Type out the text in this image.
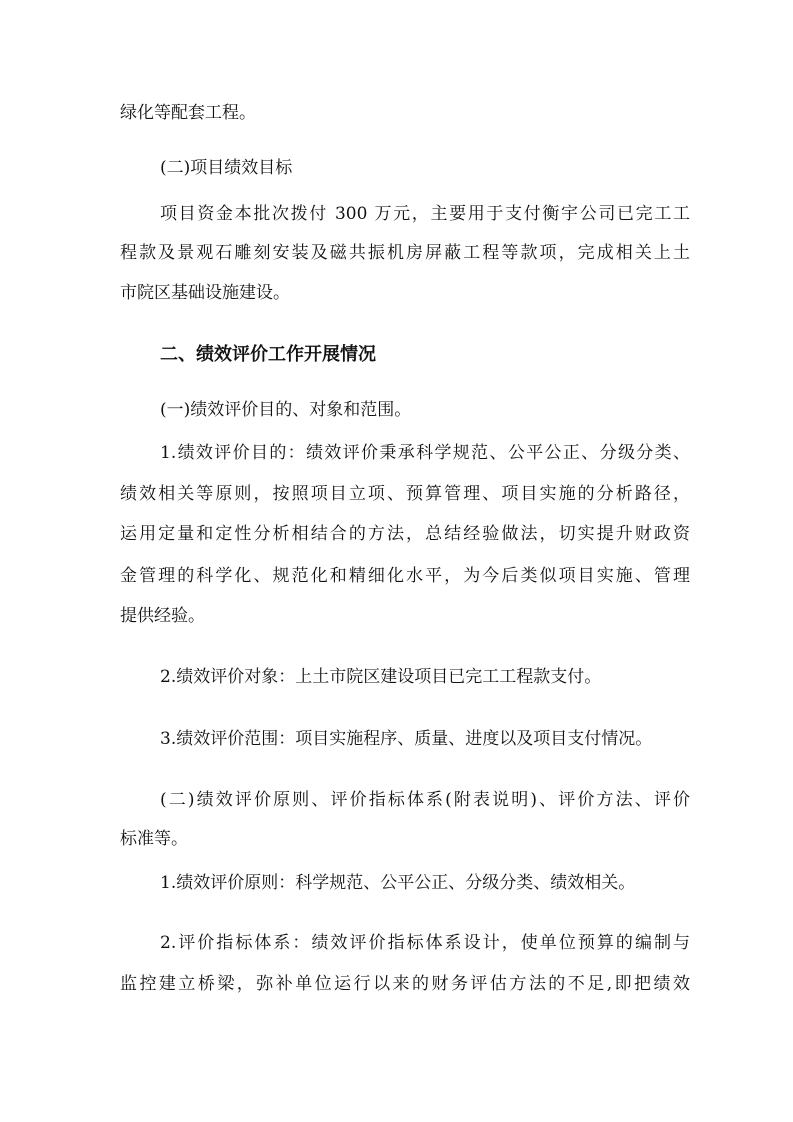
绿化等配套工程。
(二)项目绩效目标
项目资金本批次拨付 300 万元，主要用于支付衡宇公司已完工工
程款及景观石雕刻安装及磁共振机房屏蔽工程等款项，完成相关上土
市院区基础设施建设。
二、绩效评价工作开展情况
(一)绩效评价目的、对象和范围。
1.绩效评价目的：绩效评价秉承科学规范、公平公正、分级分类、
绩效相关等原则，按照项目立项、预算管理、项目实施的分析路径，
运用定量和定性分析相结合的方法，总结经验做法，切实提升财政资
金管理的科学化、规范化和精细化水平，为今后类似项目实施、管理
提供经验。
2.绩效评价对象：上土市院区建设项目已完工工程款支付。
3.绩效评价范围：项目实施程序、质量、进度以及项目支付情况。
(二)绩效评价原则、评价指标体系(附表说明)、评价方法、评价
标准等。
1.绩效评价原则：科学规范、公平公正、分级分类、绩效相关。
2.评价指标体系：绩效评价指标体系设计，使单位预算的编制与
监控建立桥梁，弥补单位运行以来的财务评估方法的不足,即把绩效
